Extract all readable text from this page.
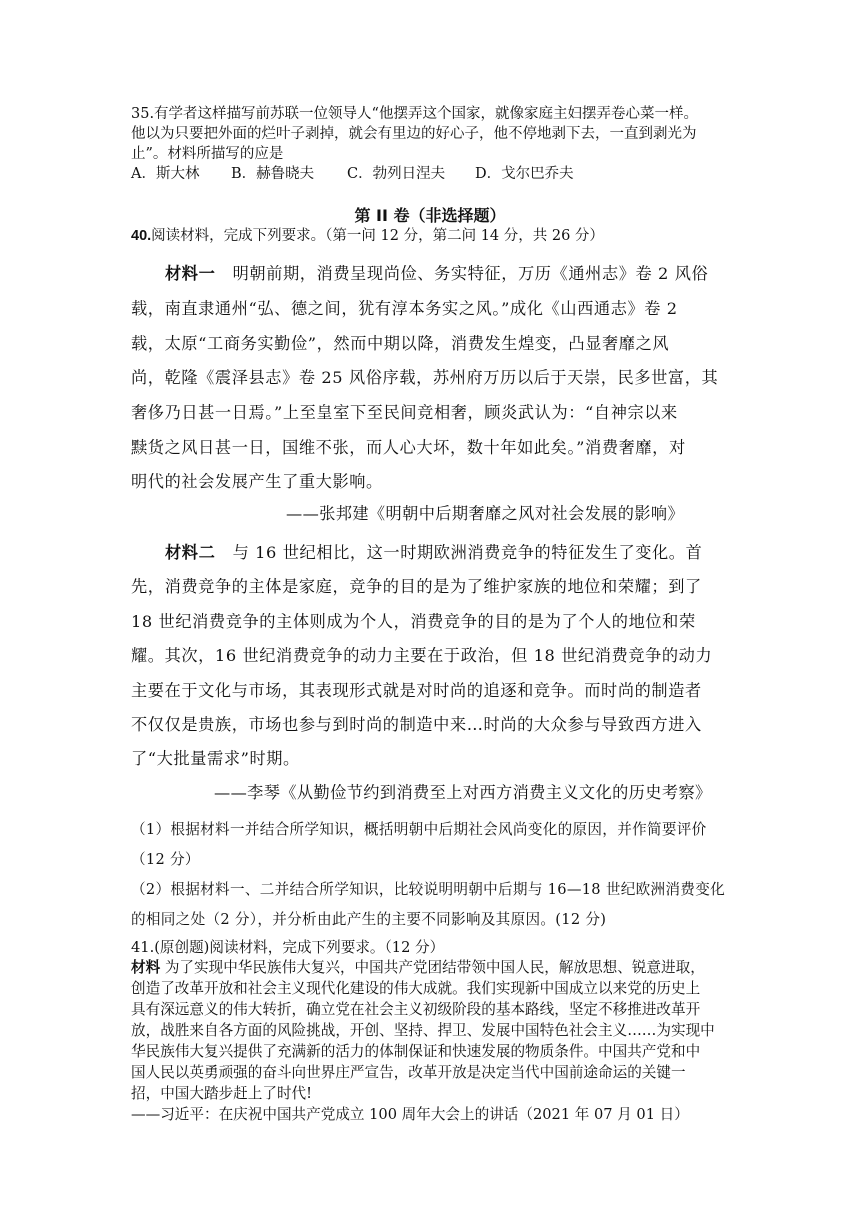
35.有学者这样描写前苏联一位领导人“他摆弄这个国家，就像家庭主妇摆弄卷心菜一样。
他以为只要把外面的烂叶子剥掉，就会有里边的好心子，他不停地剥下去，一直到剥光为
止”。材料所描写的应是
A．斯大林 B．赫鲁晓夫 C．勃列日涅夫 D．戈尔巴乔夫
第 II 卷（非选择题）
40.阅读材料，完成下列要求。（第一问 12 分，第二问 14 分，共 26 分）
材料一 明朝前期，消费呈现尚俭、务实特征，万历《通州志》卷 2 风俗
载，南直隶通州“弘、德之间，犹有淳本务实之风。”成化《山西通志》卷 2
载，太原“工商务实勤俭”，然而中期以降，消费发生煌变，凸显奢靡之风
尚，乾隆《震泽县志》卷 25 风俗序载，苏州府万历以后于天崇，民多世富，其
奢侈乃日甚一日焉。”上至皇室下至民间竞相奢，顾炎武认为：“自神宗以来
黩货之风日甚一日，国维不张，而人心大坏，数十年如此矣。”消费奢靡，对
明代的社会发展产生了重大影响。
——张邦建《明朝中后期奢靡之风对社会发展的影响》
材料二 与 16 世纪相比，这一时期欧洲消费竞争的特征发生了变化。首
先，消费竞争的主体是家庭，竞争的目的是为了维护家族的地位和荣耀；到了
18 世纪消费竞争的主体则成为个人，消费竞争的目的是为了个人的地位和荣
耀。其次，16 世纪消费竞争的动力主要在于政治，但 18 世纪消费竞争的动力
主要在于文化与市场，其表现形式就是对时尚的追逐和竞争。而时尚的制造者
不仅仅是贵族，市场也参与到时尚的制造中来…时尚的大众参与导致西方进入
了“大批量需求”时期。
——李琴《从勤俭节约到消费至上对西方消费主义文化的历史考察》
（1）根据材料一并结合所学知识，概括明朝中后期社会风尚变化的原因，并作简要评价
（12 分）
（2）根据材料一、二并结合所学知识，比较说明明朝中后期与 16—18 世纪欧洲消费变化
的相同之处（2 分），并分析由此产生的主要不同影响及其原因。(12 分)
41.(原创题)阅读材料，完成下列要求。（12 分）
材料 为了实现中华民族伟大复兴，中国共产党团结带领中国人民，解放思想、锐意进取，
创造了改革开放和社会主义现代化建设的伟大成就。我们实现新中国成立以来党的历史上
具有深远意义的伟大转折，确立党在社会主义初级阶段的基本路线，坚定不移推进改革开
放，战胜来自各方面的风险挑战，开创、坚持、捍卫、发展中国特色社会主义……为实现中
华民族伟大复兴提供了充满新的活力的体制保证和快速发展的物质条件。中国共产党和中
国人民以英勇顽强的奋斗向世界庄严宣告，改革开放是决定当代中国前途命运的关键一
招，中国大踏步赶上了时代!
——习近平：在庆祝中国共产党成立 100 周年大会上的讲话（2021 年 07 月 01 日）
